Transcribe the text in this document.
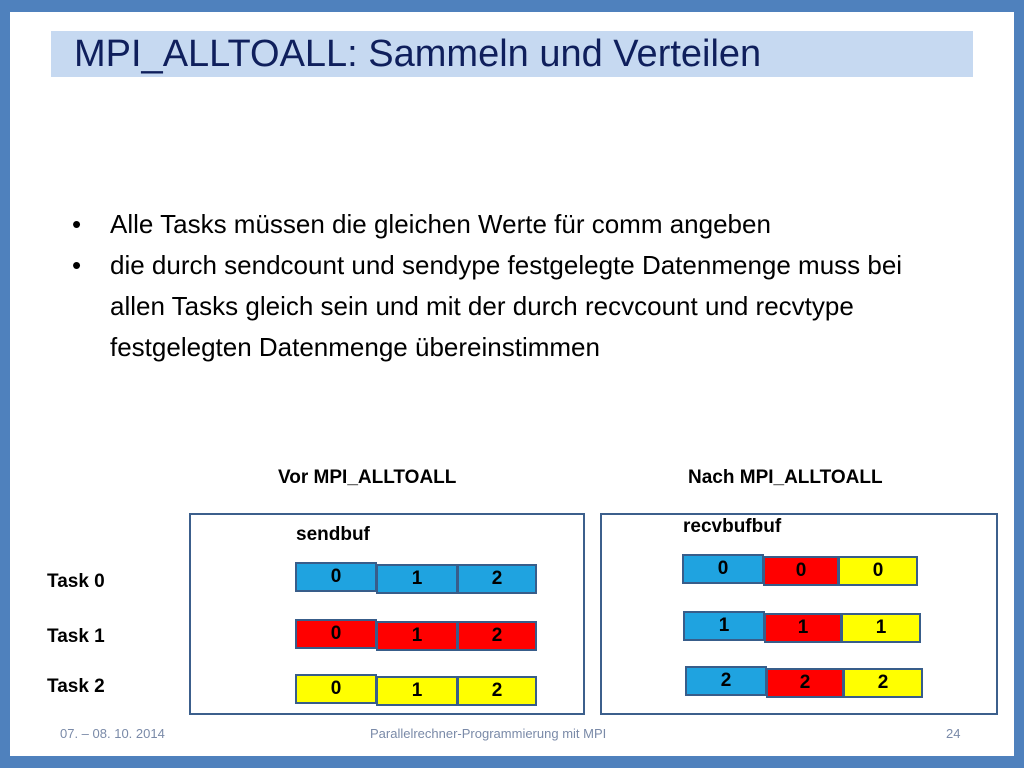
MPI_ALLTOALL: Sammeln und Verteilen
• Alle Tasks müssen die gleichen Werte für comm angeben
• die durch sendcount und sendype festgelegte Datenmenge muss bei allen Tasks gleich sein und mit der durch recvcount und recvtype festgelegten Datenmenge übereinstimmen
Vor MPI_ALLTOALL	Nach MPI_ALLTOALL
sendbuf	recvbufbuf
Task 0
Task 1
Task 2
0	1	2
0	1	2
0	1	2
0	0	0
1	1	1
2	2	2
07. – 08. 10. 2014	Parallelrechner-Programmierung mit MPI	24
